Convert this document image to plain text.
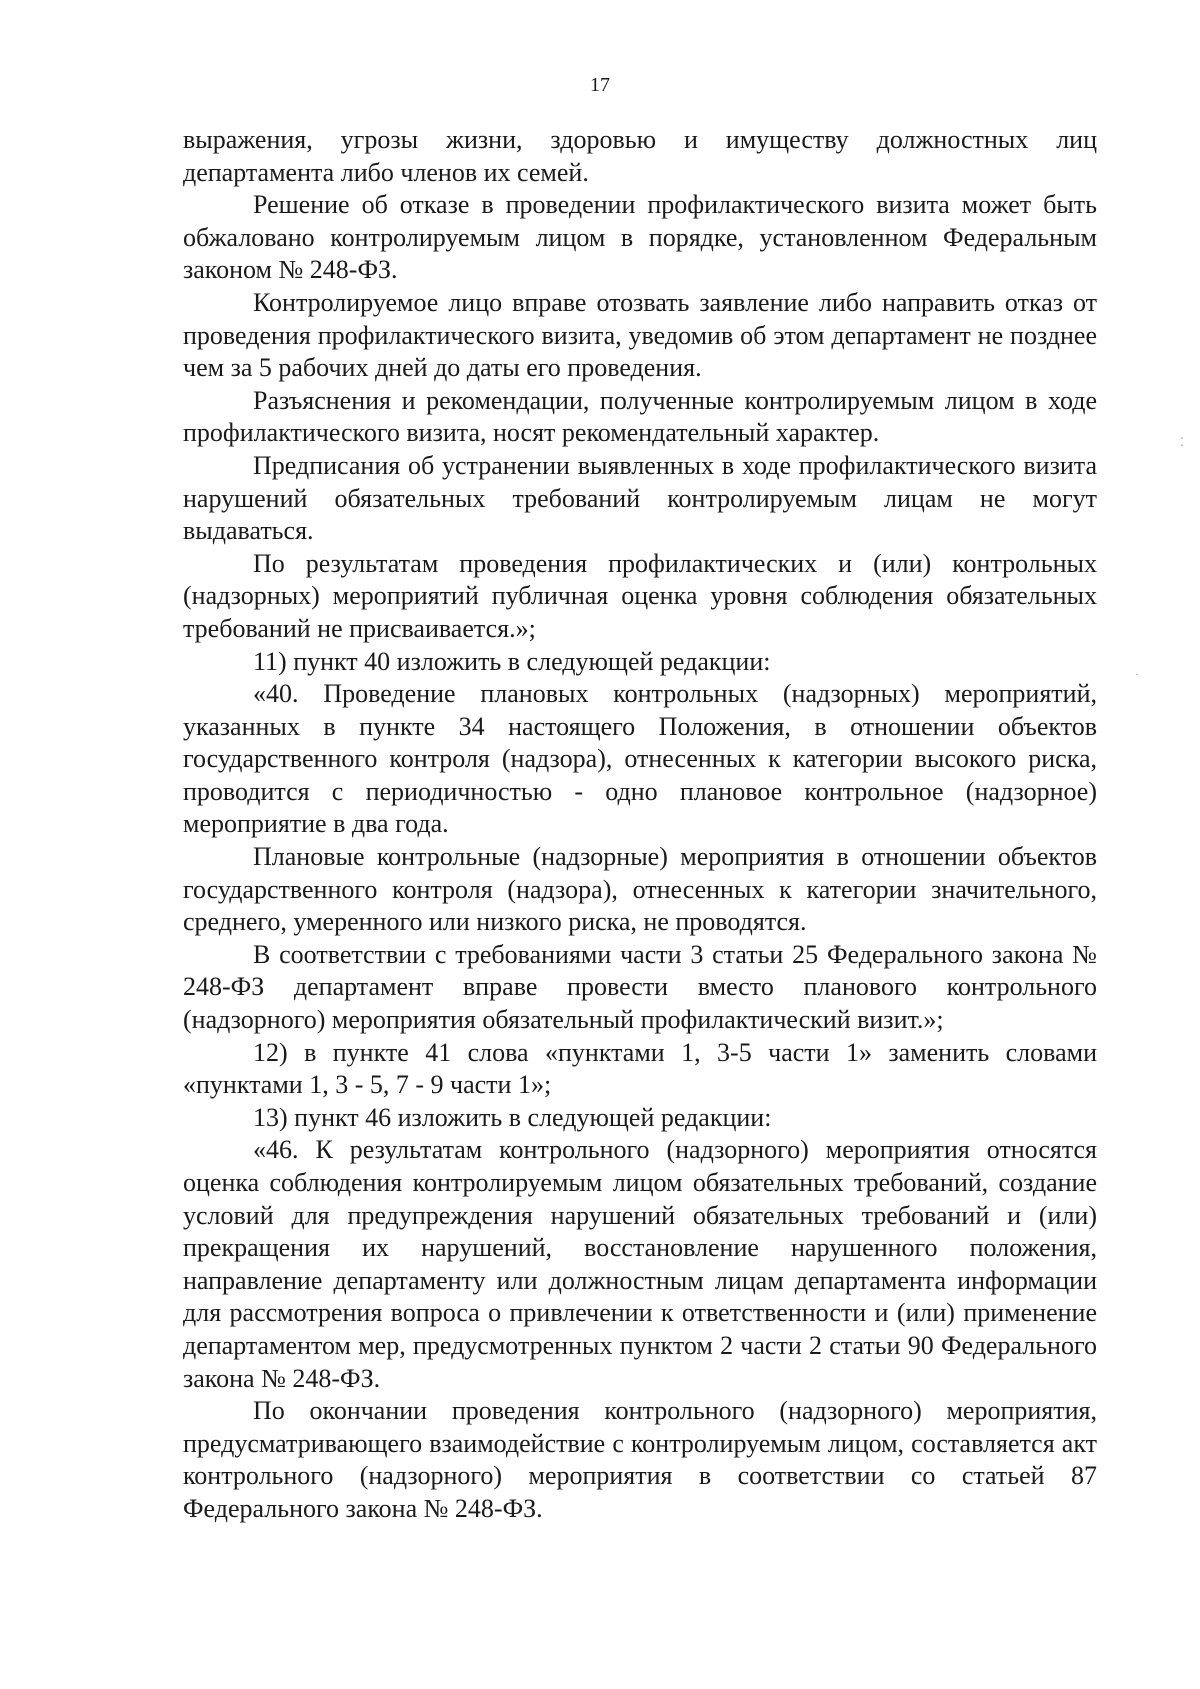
17

выражения, угрозы жизни, здоровью и имуществу должностных лиц департамента либо членов их семей.

Решение об отказе в проведении профилактического визита может быть обжаловано контролируемым лицом в порядке, установленном Федеральным законом № 248-ФЗ.

Контролируемое лицо вправе отозвать заявление либо направить отказ от проведения профилактического визита, уведомив об этом департамент не позднее чем за 5 рабочих дней до даты его проведения.

Разъяснения и рекомендации, полученные контролируемым лицом в ходе профилактического визита, носят рекомендательный характер.

Предписания об устранении выявленных в ходе профилактического визита нарушений обязательных требований контролируемым лицам не могут выдаваться.

По результатам проведения профилактических и (или) контрольных (надзорных) мероприятий публичная оценка уровня соблюдения обязательных требований не присваивается.»;

11) пункт 40 изложить в следующей редакции:

«40. Проведение плановых контрольных (надзорных) мероприятий, указанных в пункте 34 настоящего Положения, в отношении объектов государственного контроля (надзора), отнесенных к категории высокого риска, проводится с периодичностью - одно плановое контрольное (надзорное) мероприятие в два года.

Плановые контрольные (надзорные) мероприятия в отношении объектов государственного контроля (надзора), отнесенных к категории значительного, среднего, умеренного или низкого риска, не проводятся.

В соответствии с требованиями части 3 статьи 25 Федерального закона № 248-ФЗ департамент вправе провести вместо планового контрольного (надзорного) мероприятия обязательный профилактический визит.»;

12) в пункте 41 слова «пунктами 1, 3-5 части 1» заменить словами «пунктами 1, 3 - 5, 7 - 9 части 1»;

13) пункт 46 изложить в следующей редакции:

«46. К результатам контрольного (надзорного) мероприятия относятся оценка соблюдения контролируемым лицом обязательных требований, создание условий для предупреждения нарушений обязательных требований и (или) прекращения их нарушений, восстановление нарушенного положения, направление департаменту или должностным лицам департамента информации для рассмотрения вопроса о привлечении к ответственности и (или) применение департаментом мер, предусмотренных пунктом 2 части 2 статьи 90 Федерального закона № 248-ФЗ.

По окончании проведения контрольного (надзорного) мероприятия, предусматривающего взаимодействие с контролируемым лицом, составляется акт контрольного (надзорного) мероприятия в соответствии со статьей 87 Федерального закона № 248-ФЗ.

⁚
·
